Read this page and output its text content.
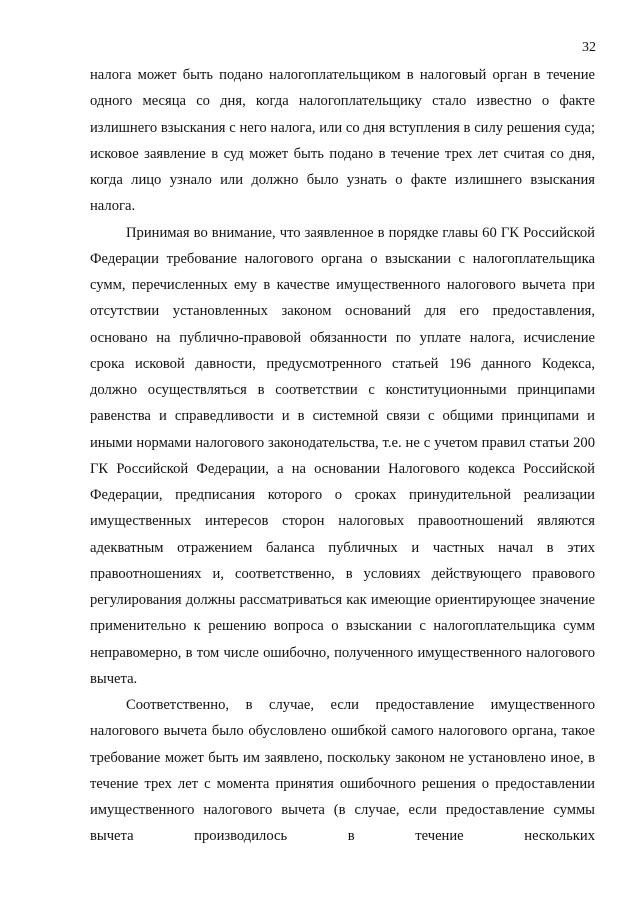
32

налога может быть подано налогоплательщиком в налоговый орган в течение одного месяца со дня, когда налогоплательщику стало известно о факте излишнего взыскания с него налога, или со дня вступления в силу решения суда; исковое заявление в суд может быть подано в течение трех лет считая со дня, когда лицо узнало или должно было узнать о факте излишнего взыскания налога.

Принимая во внимание, что заявленное в порядке главы 60 ГК Российской Федерации требование налогового органа о взыскании с налогоплательщика сумм, перечисленных ему в качестве имущественного налогового вычета при отсутствии установленных законом оснований для его предоставления, основано на публично-правовой обязанности по уплате налога, исчисление срока исковой давности, предусмотренного статьей 196 данного Кодекса, должно осуществляться в соответствии с конституционными принципами равенства и справедливости и в системной связи с общими принципами и иными нормами налогового законодательства, т.е. не с учетом правил статьи 200 ГК Российской Федерации, а на основании Налогового кодекса Российской Федерации, предписания которого о сроках принудительной реализации имущественных интересов сторон налоговых правоотношений являются адекватным отражением баланса публичных и частных начал в этих правоотношениях и, соответственно, в условиях действующего правового регулирования должны рассматриваться как имеющие ориентирующее значение применительно к решению вопроса о взыскании с налогоплательщика сумм неправомерно, в том числе ошибочно, полученного имущественного налогового вычета.

Соответственно, в случае, если предоставление имущественного налогового вычета было обусловлено ошибкой самого налогового органа, такое требование может быть им заявлено, поскольку законом не установлено иное, в течение трех лет с момента принятия ошибочного решения о предоставлении имущественного налогового вычета (в случае, если предоставление суммы вычета производилось в течение нескольких
